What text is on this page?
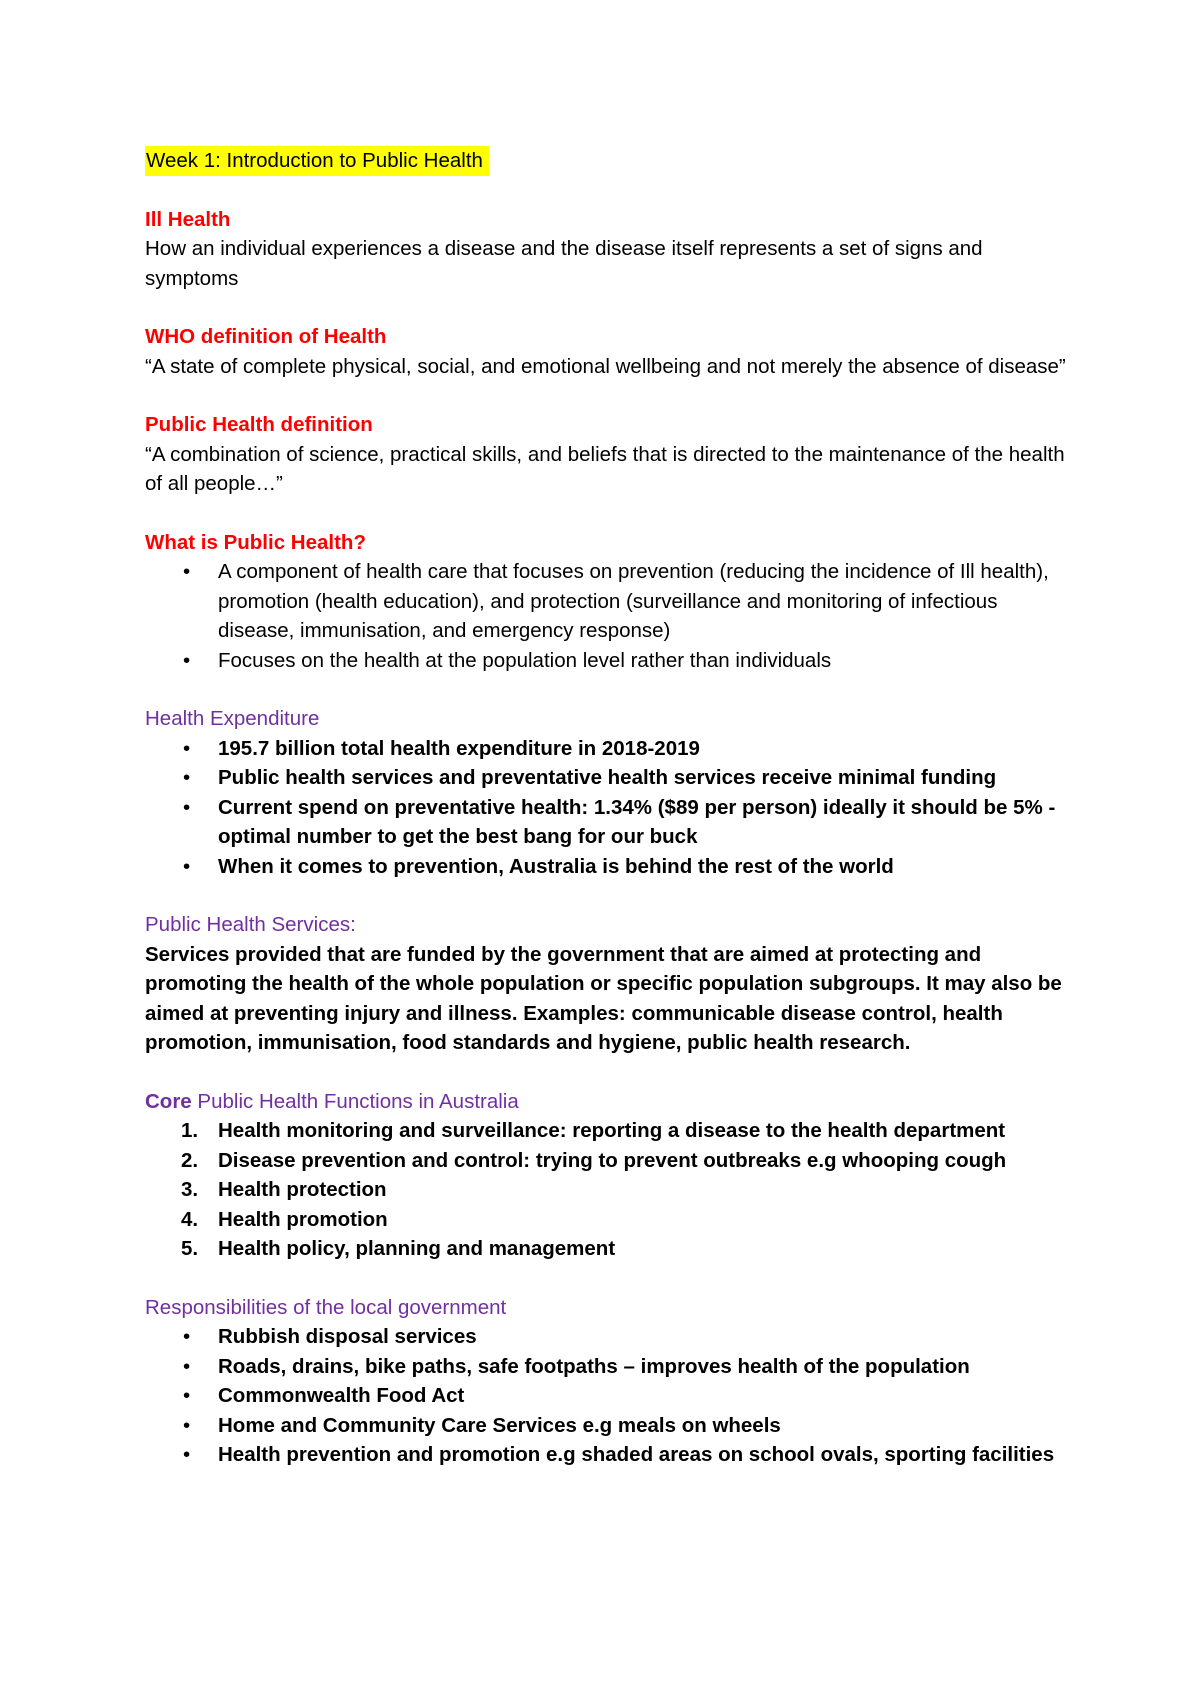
Week 1: Introduction to Public Health

Ill Health

How an individual experiences a disease and the disease itself represents a set of signs and symptoms

WHO definition of Health

“A state of complete physical, social, and emotional wellbeing and not merely the absence of disease”

Public Health definition

“A combination of science, practical skills, and beliefs that is directed to the maintenance of the health of all people…”

What is Public Health?

• A component of health care that focuses on prevention (reducing the incidence of Ill health), promotion (health education), and protection (surveillance and monitoring of infectious disease, immunisation, and emergency response)
• Focuses on the health at the population level rather than individuals

Health Expenditure

• 195.7 billion total health expenditure in 2018-2019
• Public health services and preventative health services receive minimal funding
• Current spend on preventative health: 1.34% ($89 per person) ideally it should be 5% - optimal number to get the best bang for our buck
• When it comes to prevention, Australia is behind the rest of the world

Public Health Services:

Services provided that are funded by the government that are aimed at protecting and promoting the health of the whole population or specific population subgroups. It may also be aimed at preventing injury and illness. Examples: communicable disease control, health promotion, immunisation, food standards and hygiene, public health research.

Core Public Health Functions in Australia

1. Health monitoring and surveillance: reporting a disease to the health department
2. Disease prevention and control: trying to prevent outbreaks e.g whooping cough
3. Health protection
4. Health promotion
5. Health policy, planning and management

Responsibilities of the local government

• Rubbish disposal services
• Roads, drains, bike paths, safe footpaths – improves health of the population
• Commonwealth Food Act
• Home and Community Care Services e.g meals on wheels
• Health prevention and promotion e.g shaded areas on school ovals, sporting facilities
